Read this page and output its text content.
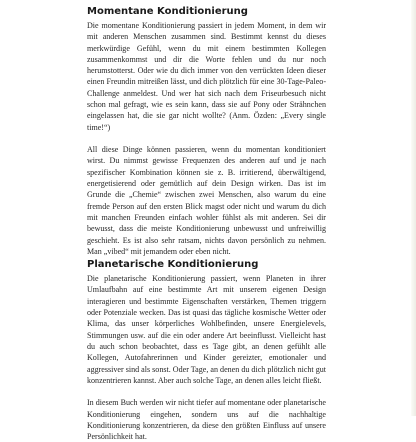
Momentane Konditionierung

Die momentane Konditionierung passiert in jedem Moment, in dem wir mit anderen Menschen zusammen sind. Bestimmt kennst du dieses merkwürdige Gefühl, wenn du mit einem bestimmten Kollegen zusammenkommst und dir die Worte fehlen und du nur noch herumstotterst. Oder wie du dich immer von den verrückten Ideen dieser einen Freundin mitreißen lässt, und dich plötzlich für eine 30-Tage-Paleo-Challenge anmeldest. Und wer hat sich nach dem Friseurbesuch nicht schon mal gefragt, wie es sein kann, dass sie auf Pony oder Strähnchen eingelassen hat, die sie gar nicht wollte? (Anm. Özden: „Every single time!“)

All diese Dinge können passieren, wenn du momentan konditioniert wirst. Du nimmst gewisse Frequenzen des anderen auf und je nach spezifischer Kombination können sie z. B. irritierend, überwältigend, energetisierend oder gemütlich auf dein Design wirken. Das ist im Grunde die „Chemie“ zwischen zwei Menschen, also warum du eine fremde Person auf den ersten Blick magst oder nicht und warum du dich mit manchen Freunden einfach wohler fühlst als mit anderen. Sei dir bewusst, dass die meiste Konditionierung unbewusst und unfreiwillig geschieht. Es ist also sehr ratsam, nichts davon persönlich zu nehmen. Man „vibed“ mit jemandem oder eben nicht.

Planetarische Konditionierung

Die planetarische Konditionierung passiert, wenn Planeten in ihrer Umlaufbahn auf eine bestimmte Art mit unserem eigenen Design interagieren und bestimmte Eigenschaften verstärken, Themen triggern oder Potenziale wecken. Das ist quasi das tägliche kosmische Wetter oder Klima, das unser körperliches Wohlbefinden, unsere Energielevels, Stimmungen usw. auf die ein oder andere Art beeinflusst. Vielleicht hast du auch schon beobachtet, dass es Tage gibt, an denen gefühlt alle Kollegen, Autofahrerinnen und Kinder gereizter, emotionaler und aggressiver sind als sonst. Oder Tage, an denen du dich plötzlich nicht gut konzentrieren kannst. Aber auch solche Tage, an denen alles leicht fließt.

In diesem Buch werden wir nicht tiefer auf momentane oder planetarische Konditionierung eingehen, sondern uns auf die nachhaltige Konditionierung konzentrieren, da diese den größten Einfluss auf unsere Persönlichkeit hat.
